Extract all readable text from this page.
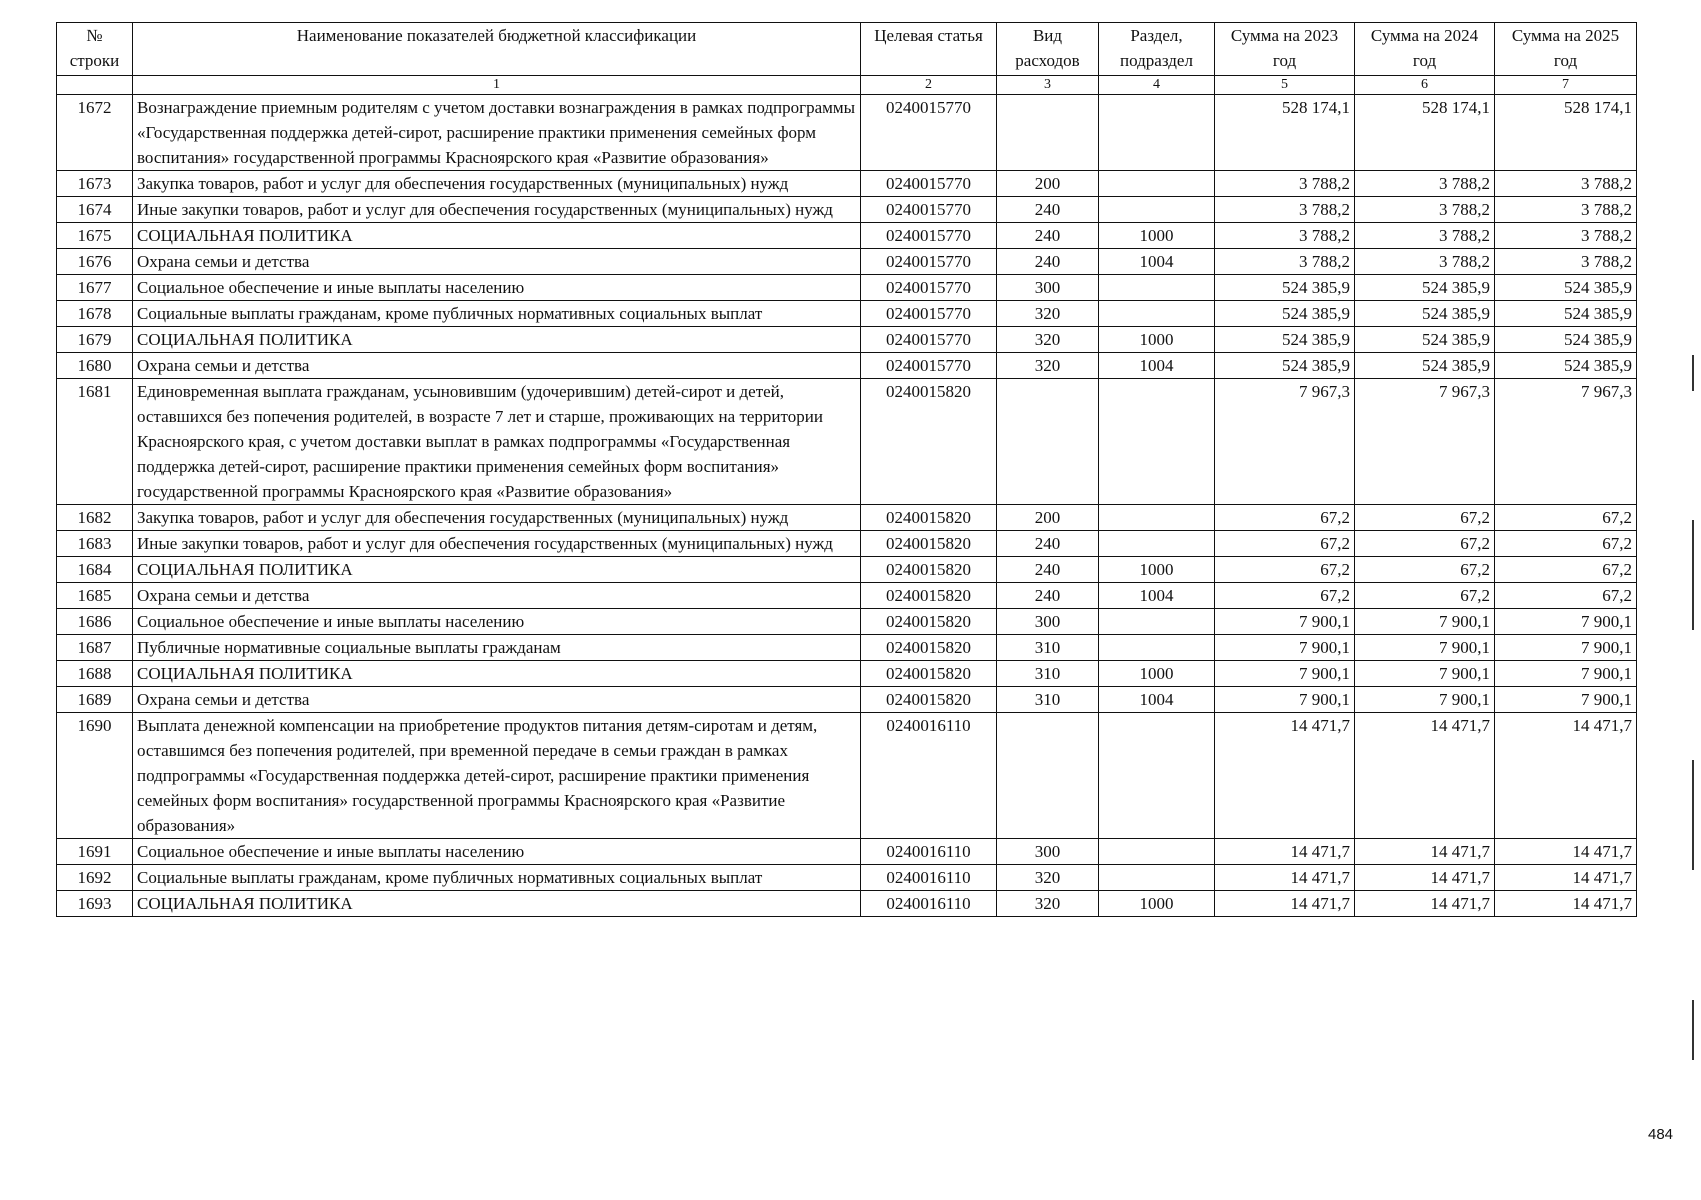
№ строки	Наименование показателей бюджетной классификации	Целевая статья	Вид расходов	Раздел, подраздел	Сумма на 2023 год	Сумма на 2024 год	Сумма на 2025 год
	1	2	3	4	5	6	7
1672	Вознаграждение приемным родителям с учетом доставки вознаграждения в рамках подпрограммы «Государственная поддержка детей-сирот, расширение практики применения семейных форм воспитания» государственной программы Красноярского края «Развитие образования»	0240015770			528 174,1	528 174,1	528 174,1
1673	Закупка товаров, работ и услуг для обеспечения государственных (муниципальных) нужд	0240015770	200		3 788,2	3 788,2	3 788,2
1674	Иные закупки товаров, работ и услуг для обеспечения государственных (муниципальных) нужд	0240015770	240		3 788,2	3 788,2	3 788,2
1675	СОЦИАЛЬНАЯ ПОЛИТИКА	0240015770	240	1000	3 788,2	3 788,2	3 788,2
1676	Охрана семьи и детства	0240015770	240	1004	3 788,2	3 788,2	3 788,2
1677	Социальное обеспечение и иные выплаты населению	0240015770	300		524 385,9	524 385,9	524 385,9
1678	Социальные выплаты гражданам, кроме публичных нормативных социальных выплат	0240015770	320		524 385,9	524 385,9	524 385,9
1679	СОЦИАЛЬНАЯ ПОЛИТИКА	0240015770	320	1000	524 385,9	524 385,9	524 385,9
1680	Охрана семьи и детства	0240015770	320	1004	524 385,9	524 385,9	524 385,9
1681	Единовременная выплата гражданам, усыновившим (удочерившим) детей-сирот и детей, оставшихся без попечения родителей, в возрасте 7 лет и старше, проживающих на территории Красноярского края, с учетом доставки выплат в рамках подпрограммы «Государственная поддержка детей-сирот, расширение практики применения семейных форм воспитания» государственной программы Красноярского края «Развитие образования»	0240015820			7 967,3	7 967,3	7 967,3
1682	Закупка товаров, работ и услуг для обеспечения государственных (муниципальных) нужд	0240015820	200		67,2	67,2	67,2
1683	Иные закупки товаров, работ и услуг для обеспечения государственных (муниципальных) нужд	0240015820	240		67,2	67,2	67,2
1684	СОЦИАЛЬНАЯ ПОЛИТИКА	0240015820	240	1000	67,2	67,2	67,2
1685	Охрана семьи и детства	0240015820	240	1004	67,2	67,2	67,2
1686	Социальное обеспечение и иные выплаты населению	0240015820	300		7 900,1	7 900,1	7 900,1
1687	Публичные нормативные социальные выплаты гражданам	0240015820	310		7 900,1	7 900,1	7 900,1
1688	СОЦИАЛЬНАЯ ПОЛИТИКА	0240015820	310	1000	7 900,1	7 900,1	7 900,1
1689	Охрана семьи и детства	0240015820	310	1004	7 900,1	7 900,1	7 900,1
1690	Выплата денежной компенсации на приобретение продуктов питания детям-сиротам и детям, оставшимся без попечения родителей, при временной передаче в семьи граждан в рамках подпрограммы «Государственная поддержка детей-сирот, расширение практики применения семейных форм воспитания» государственной программы Красноярского края «Развитие образования»	0240016110			14 471,7	14 471,7	14 471,7
1691	Социальное обеспечение и иные выплаты населению	0240016110	300		14 471,7	14 471,7	14 471,7
1692	Социальные выплаты гражданам, кроме публичных нормативных социальных выплат	0240016110	320		14 471,7	14 471,7	14 471,7
1693	СОЦИАЛЬНАЯ ПОЛИТИКА	0240016110	320	1000	14 471,7	14 471,7	14 471,7
484
